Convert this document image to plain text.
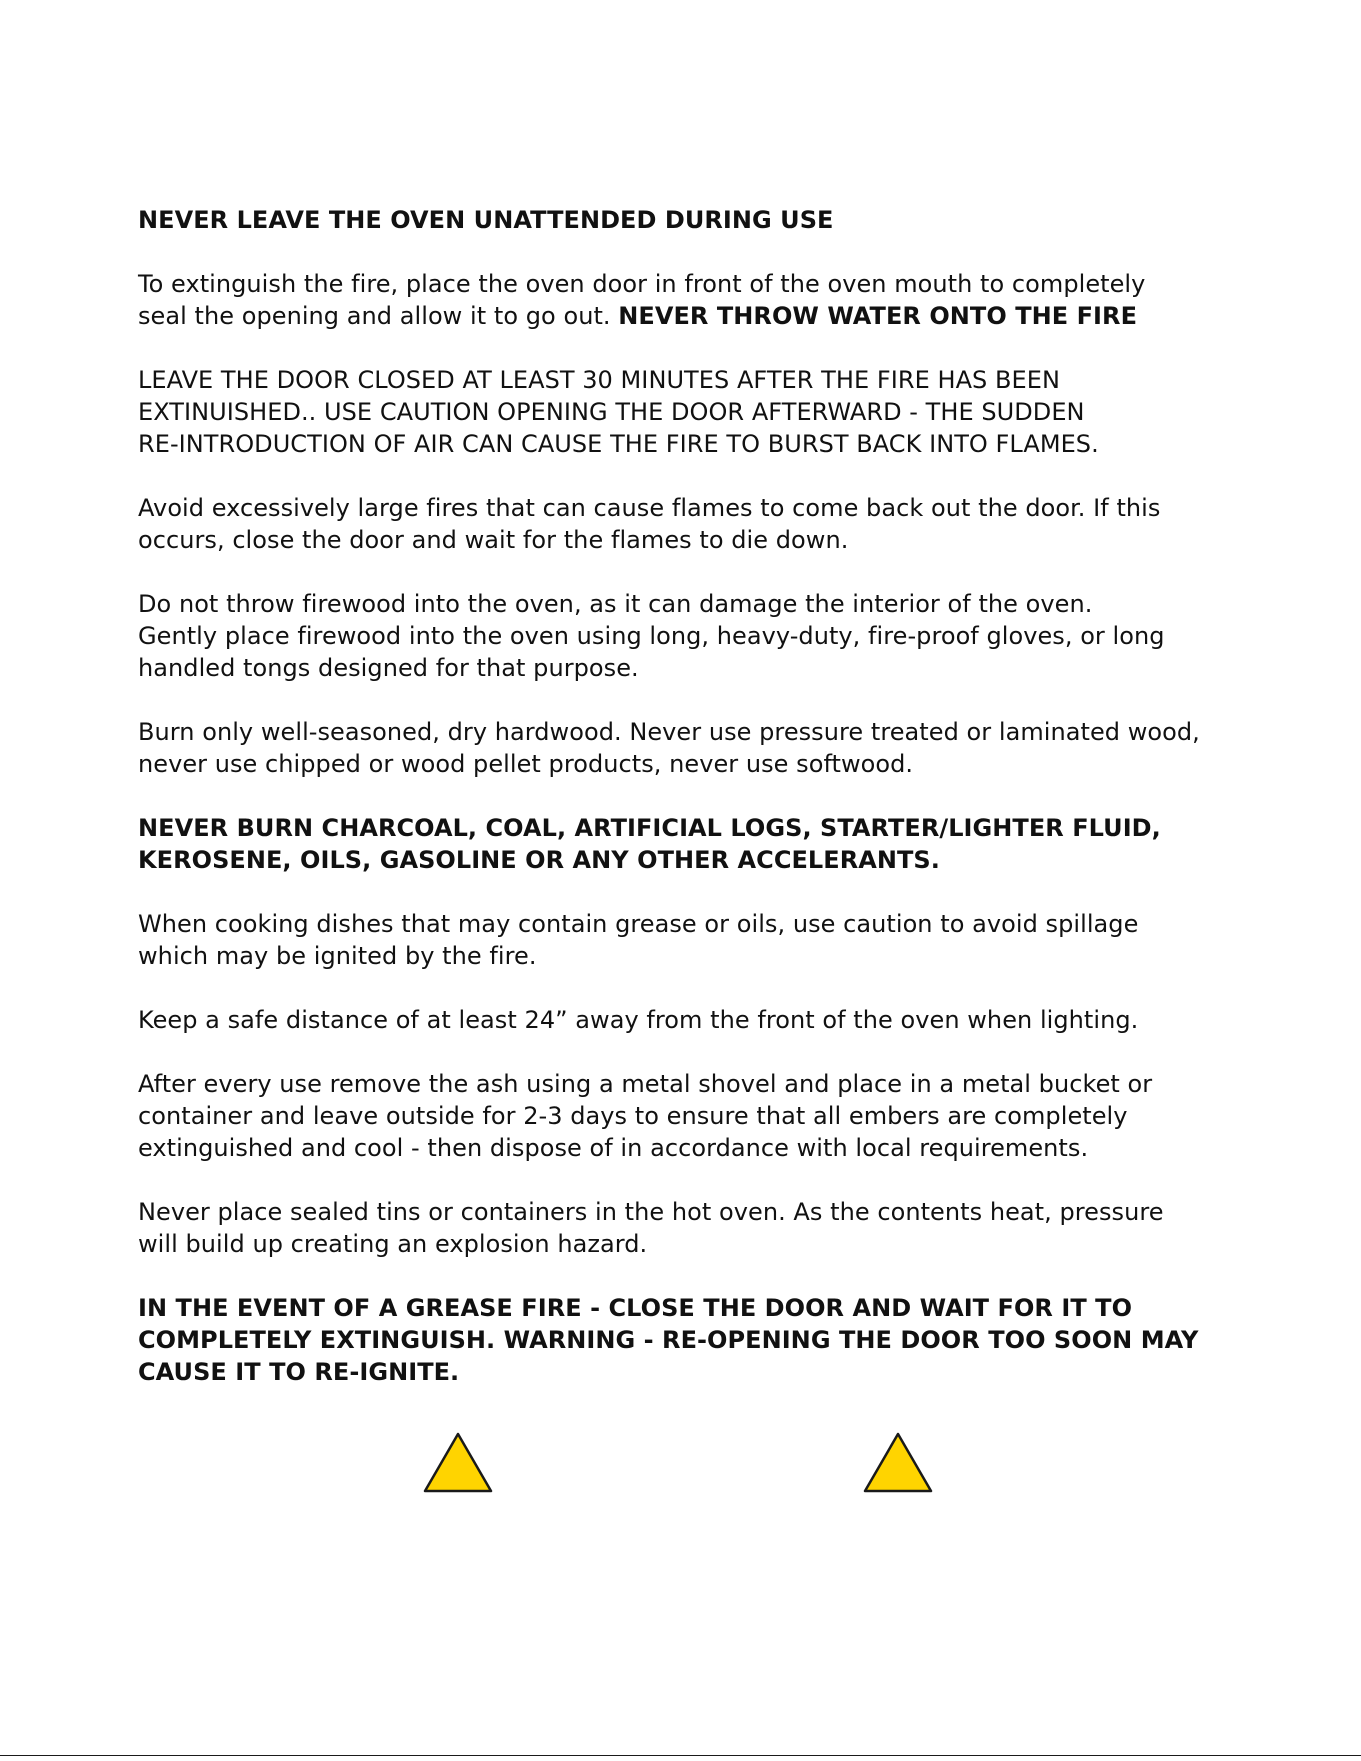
NEVER LEAVE THE OVEN UNATTENDED DURING USE

To extinguish the fire, place the oven door in front of the oven mouth to completely
seal the opening and allow it to go out. NEVER THROW WATER ONTO THE FIRE

LEAVE THE DOOR CLOSED AT LEAST 30 MINUTES AFTER THE FIRE HAS BEEN
EXTINUISHED.. USE CAUTION OPENING THE DOOR AFTERWARD - THE SUDDEN
RE-INTRODUCTION OF AIR CAN CAUSE THE FIRE TO BURST BACK INTO FLAMES.

Avoid excessively large fires that can cause flames to come back out the door. If this
occurs, close the door and wait for the flames to die down.

Do not throw firewood into the oven, as it can damage the interior of the oven.
Gently place firewood into the oven using long, heavy-duty, fire-proof gloves, or long
handled tongs designed for that purpose.

Burn only well-seasoned, dry hardwood. Never use pressure treated or laminated wood,
never use chipped or wood pellet products, never use softwood.

NEVER BURN CHARCOAL, COAL, ARTIFICIAL LOGS, STARTER/LIGHTER FLUID,
KEROSENE, OILS, GASOLINE OR ANY OTHER ACCELERANTS.

When cooking dishes that may contain grease or oils, use caution to avoid spillage
which may be ignited by the fire.

Keep a safe distance of at least 24” away from the front of the oven when lighting.

After every use remove the ash using a metal shovel and place in a metal bucket or
container and leave outside for 2-3 days to ensure that all embers are completely
extinguished and cool - then dispose of in accordance with local requirements.

Never place sealed tins or containers in the hot oven. As the contents heat, pressure
will build up creating an explosion hazard.

IN THE EVENT OF A GREASE FIRE - CLOSE THE DOOR AND WAIT FOR IT TO
COMPLETELY EXTINGUISH. WARNING - RE-OPENING THE DOOR TOO SOON MAY
CAUSE IT TO RE-IGNITE.
